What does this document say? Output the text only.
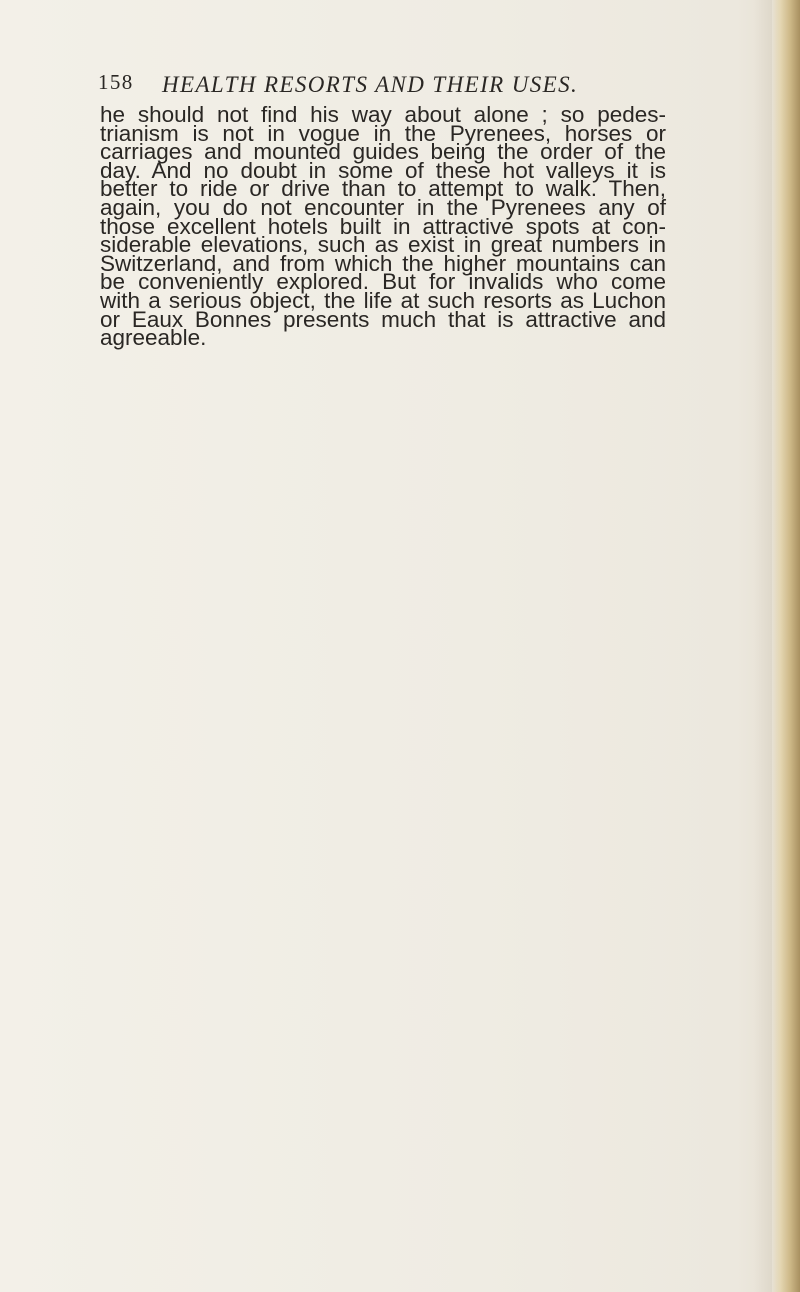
158 HEALTH RESORTS AND THEIR USES.
he should not find his way about alone ; so pedes-
trianism is not in vogue in the Pyrenees, horses or
carriages and mounted guides being the order of the
day. And no doubt in some of these hot valleys it is
better to ride or drive than to attempt to walk. Then,
again, you do not encounter in the Pyrenees any of
those excellent hotels built in attractive spots at con-
siderable elevations, such as exist in great numbers in
Switzerland, and from which the higher mountains can
be conveniently explored. But for invalids who come
with a serious object, the life at such resorts as Luchon
or Eaux Bonnes presents much that is attractive and
agreeable.
